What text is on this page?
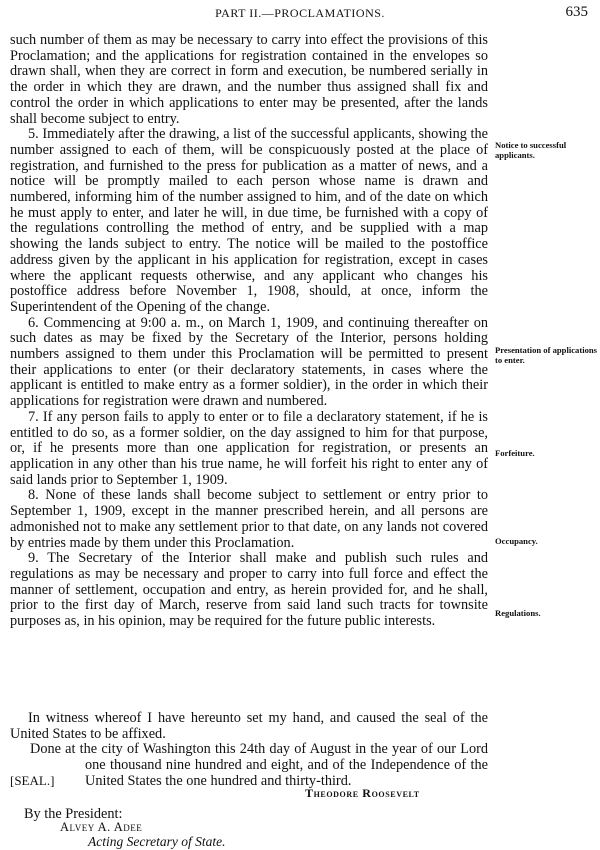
PART II.—PROCLAMATIONS.	635

such number of them as may be necessary to carry into effect the provisions of this Proclamation; and the applications for registration contained in the envelopes so drawn shall, when they are correct in form and execution, be numbered serially in the order in which they are drawn, and the number thus assigned shall fix and control the order in which applications to enter may be presented, after the lands shall become subject to entry.

5. Immediately after the drawing, a list of the successful applicants, showing the number assigned to each of them, will be conspicuously posted at the place of registration, and furnished to the press for publication as a matter of news, and a notice will be promptly mailed to each person whose name is drawn and numbered, informing him of the number assigned to him, and of the date on which he must apply to enter, and later he will, in due time, be furnished with a copy of the regulations controlling the method of entry, and be supplied with a map showing the lands subject to entry. The notice will be mailed to the postoffice address given by the applicant in his application for registration, except in cases where the applicant requests otherwise, and any applicant who changes his postoffice address before November 1, 1908, should, at once, inform the Superintendent of the Opening of the change.

6. Commencing at 9:00 a. m., on March 1, 1909, and continuing thereafter on such dates as may be fixed by the Secretary of the Interior, persons holding numbers assigned to them under this Proclamation will be permitted to present their applications to enter (or their declaratory statements, in cases where the applicant is entitled to make entry as a former soldier), in the order in which their applications for registration were drawn and numbered.

7. If any person fails to apply to enter or to file a declaratory statement, if he is entitled to do so, as a former soldier, on the day assigned to him for that purpose, or, if he presents more than one application for registration, or presents an application in any other than his true name, he will forfeit his right to enter any of said lands prior to September 1, 1909.

8. None of these lands shall become subject to settlement or entry prior to September 1, 1909, except in the manner prescribed herein, and all persons are admonished not to make any settlement prior to that date, on any lands not covered by entries made by them under this Proclamation.

9. The Secretary of the Interior shall make and publish such rules and regulations as may be necessary and proper to carry into full force and effect the manner of settlement, occupation and entry, as herein provided for, and he shall, prior to the first day of March, reserve from said land such tracts for townsite purposes as, in his opinion, may be required for the future public interests.

Notice to successful applicants.
Presentation of applications to enter.
Forfeiture.
Occupancy.
Regulations.

In witness whereof I have hereunto set my hand, and caused the seal of the United States to be affixed.

Done at the city of Washington this 24th day of August in the year of our Lord one thousand nine hundred and eight, and of the Independence of the United States the one hundred and thirty-third.

[SEAL.]
Theodore Roosevelt
By the President:
Alvey A. Adee
Acting Secretary of State.
